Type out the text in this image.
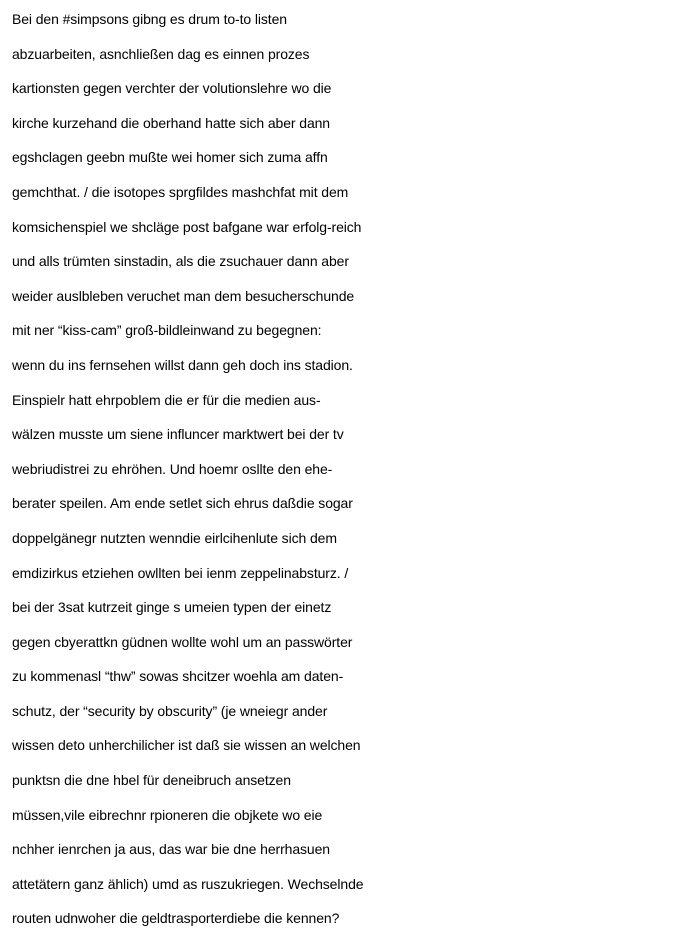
Bei den #simpsons gibng es drum to-to listen
abzuarbeiten, asnchließen dag es einnen prozes
kartionsten gegen verchter der volutionslehre wo die
kirche kurzehand die oberhand hatte sich aber dann
egshclagen geebn mußte wei homer sich zuma affn
gemchthat. / die isotopes sprgfildes mashchfat mit dem
komsichenspiel we shcläge post bafgane war erfolg-reich
und alls trümten sinstadin, als die zsuchauer dann aber
weider auslbleben veruchet man dem besucherschunde
mit ner “kiss-cam” groß-bildleinwand zu begegnen:
wenn du ins fernsehen willst dann geh doch ins stadion.
Einspielr hatt ehrpoblem die er für die medien aus-
wälzen musste um siene influncer marktwert bei der tv
webriudistrei zu ehröhen. Und hoemr osllte den ehe-
berater speilen. Am ende setlet sich ehrus daßdie sogar
doppelgänegr nutzten wenndie eirlcihenlute sich dem
emdizirkus etziehen owllten bei ienm zeppelinabsturz. /
bei der 3sat kutrzeit ginge s umeien typen der einetz
gegen cbyerattkn güdnen wollte wohl um an passwörter
zu kommenasl “thw” sowas shcitzer woehla am daten-
schutz, der “security by obscurity” (je wneiegr ander
wissen deto unherchilicher ist daß sie wissen an welchen
punktsn die dne hbel für deneibruch ansetzen
müssen,vile eibrechnr rpioneren die objkete wo eie
nchher ienrchen ja aus, das war bie dne herrhasuen
attetätern ganz ählich) umd as ruszukriegen. Wechselnde
routen udnwoher die geldtrasporterdiebe die kennen?
